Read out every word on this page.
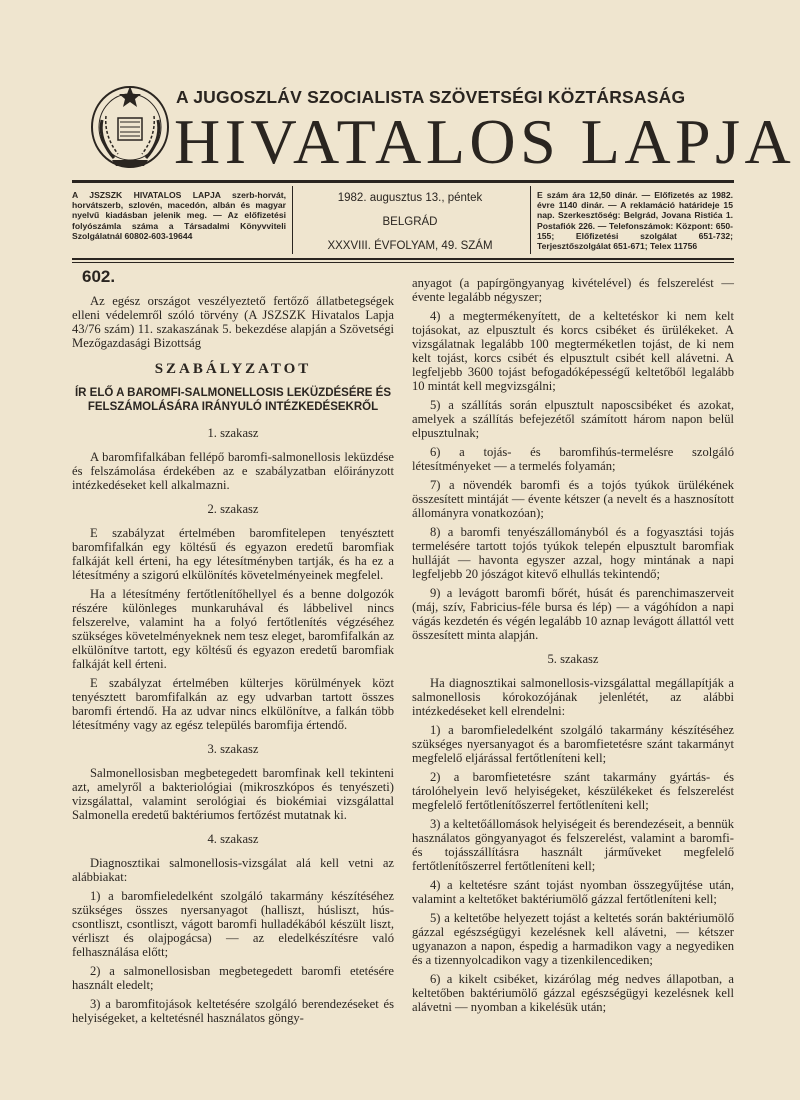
A JUGOSZLÁV SZOCIALISTA SZÖVETSÉGI KÖZTÁRSASÁG
HIVATALOS LAPJA
A JSZSZK HIVATALOS LAPJA szerb-horvát, horvátszerb, szlovén, macedón, albán és magyar nyelvű kiadásban jelenik meg. — Az előfizetési folyószámla száma a Társadalmi Könyvviteli Szolgálatnál 60802-603-19644
1982. augusztus 13., péntek
BELGRÁD
XXXVIII. ÉVFOLYAM, 49. SZÁM
E szám ára 12,50 dinár. — Előfizetés az 1982. évre 1140 dinár. — A reklamáció határideje 15 nap. Szerkesztőség: Belgrád, Jovana Ristića 1. Postafiók 226. — Telefonszámok: Központ: 650-155; Előfizetési szolgálat 651-732; Terjesztőszolgálat 651-671; Telex 11756
602.

Az egész országot veszélyeztető fertőző állatbetegségek elleni védelemről szóló törvény (A JSZSZK Hivatalos Lapja 43/76 szám) 11. szakaszának 5. bekezdése alapján a Szövetségi Mezőgazdasági Bizottság

SZABÁLYZATOT
ÍR ELŐ A BAROMFI-SALMONELLOSIS LEKÜZDÉSÉRE ÉS FELSZÁMOLÁSÁRA IRÁNYULÓ INTÉZKEDÉSEKRŐL
1. szakasz

A baromfifalkában fellépő baromfi-salmonellosis leküzdése és felszámolása érdekében az e szabályzatban előirányzott intézkedéseket kell alkalmazni.

2. szakasz

E szabályzat értelmében baromfitelepen tenyésztett baromfifalkán egy költésű és egyazon eredetű baromfiak falkáját kell érteni, ha egy létesítményben tartják, és ha ez a létesítmény a szigorú elkülönítés követelményeinek megfelel.

Ha a létesítmény fertőtlenítőhellyel és a benne dolgozók részére különleges munkaruhával és lábbelivel nincs felszerelve, valamint ha a folyó fertőtlenítés végzéséhez szükséges követelményeknek nem tesz eleget, baromfifalkán az elkülönítve tartott, egy költésű és egyazon eredetű baromfiak falkáját kell érteni.

E szabályzat értelmében külterjes körülmények közt tenyésztett baromfifalkán az egy udvarban tartott összes baromfi értendő. Ha az udvar nincs elkülönítve, a falkán több létesítmény vagy az egész település baromfija értendő.

3. szakasz

Salmonellosisban megbetegedett baromfinak kell tekinteni azt, amelyről a bakteriológiai (mikroszkópos és tenyészeti) vizsgálattal, valamint serológiai és biokémiai vizsgálattal Salmonella eredetű baktériumos fertőzést mutatnak ki.

4. szakasz

Diagnosztikai salmonellosis-vizsgálat alá kell vetni az alábbiakat:

1) a baromfieledelként szolgáló takarmány készítéséhez szükséges összes nyersanyagot (halliszt, húsliszt, hús-csontliszt, csontliszt, vágott baromfi hulladékából készült liszt, vérliszt és olajpogácsa) — az eledelkészítésre való felhasználása előtt;

2) a salmonellosisban megbetegedett baromfi etetésére használt eledelt;

3) a baromfitojások keltetésére szolgáló berendezéseket és helyiségeket, a keltetésnél használatos göngy-

anyagot (a papírgöngyanyag kivételével) és felszerelést — évente legalább négyszer;

4) a megtermékenyített, de a keltetéskor ki nem kelt tojásokat, az elpusztult és korcs csibéket és ürülékeket. A vizsgálatnak legalább 100 megterméketlen tojást, de ki nem kelt tojást, korcs csibét és elpusztult csibét kell alávetni. A legfeljebb 3600 tojást befogadóképességű keltetőből legalább 10 mintát kell megvizsgálni;

5) a szállítás során elpusztult naposcsibéket és azokat, amelyek a szállítás befejezétől számított három napon belül elpusztulnak;

6) a tojás- és baromfihús-termelésre szolgáló létesítményeket — a termelés folyamán;

7) a növendék baromfi és a tojós tyúkok ürülékének összesített mintáját — évente kétszer (a nevelt és a hasznosított állományra vonatkozóan);

8) a baromfi tenyészállományból és a fogyasztási tojás termelésére tartott tojós tyúkok telepén elpusztult baromfiak hulláját — havonta egyszer azzal, hogy mintának a napi legfeljebb 20 jószágot kitevő elhullás tekintendő;

9) a levágott baromfi bőrét, húsát és parenchimaszerveit (máj, szív, Fabricius-féle bursa és lép) — a vágóhídon a napi vágás kezdetén és végén legalább 10 aznap levágott állattól vett összesített minta alapján.

5. szakasz

Ha diagnosztikai salmonellosis-vizsgálattal megállapítják a salmonellosis kórokozójának jelenlétét, az alábbi intézkedéseket kell elrendelni:

1) a baromfieledelként szolgáló takarmány készítéséhez szükséges nyersanyagot és a baromfietetésre szánt takarmányt megfelelő eljárással fertőtleníteni kell;

2) a baromfietetésre szánt takarmány gyártás- és tárolóhelyein levő helyiségeket, készülékeket és felszerelést megfelelő fertőtlenítőszerrel fertőtleníteni kell;

3) a keltetőállomások helyiségeit és berendezéseit, a bennük használatos göngyanyagot és felszerelést, valamint a baromfi- és tojásszállításra használt járműveket megfelelő fertőtlenítőszerrel fertőtleníteni kell;

4) a keltetésre szánt tojást nyomban összegyűjtése után, valamint a keltetőket baktériumölő gázzal fertőtleníteni kell;

5) a keltetőbe helyezett tojást a keltetés során baktériumölő gázzal egészségügyi kezelésnek kell alávetni, — kétszer ugyanazon a napon, éspedig a harmadikon vagy a negyediken és a tizennyolcadikon vagy a tizenkilencediken;

6) a kikelt csibéket, kizárólag még nedves állapotban, a keltetőben baktériumölő gázzal egészségügyi kezelésnek kell alávetni — nyomban a kikelésük után;
